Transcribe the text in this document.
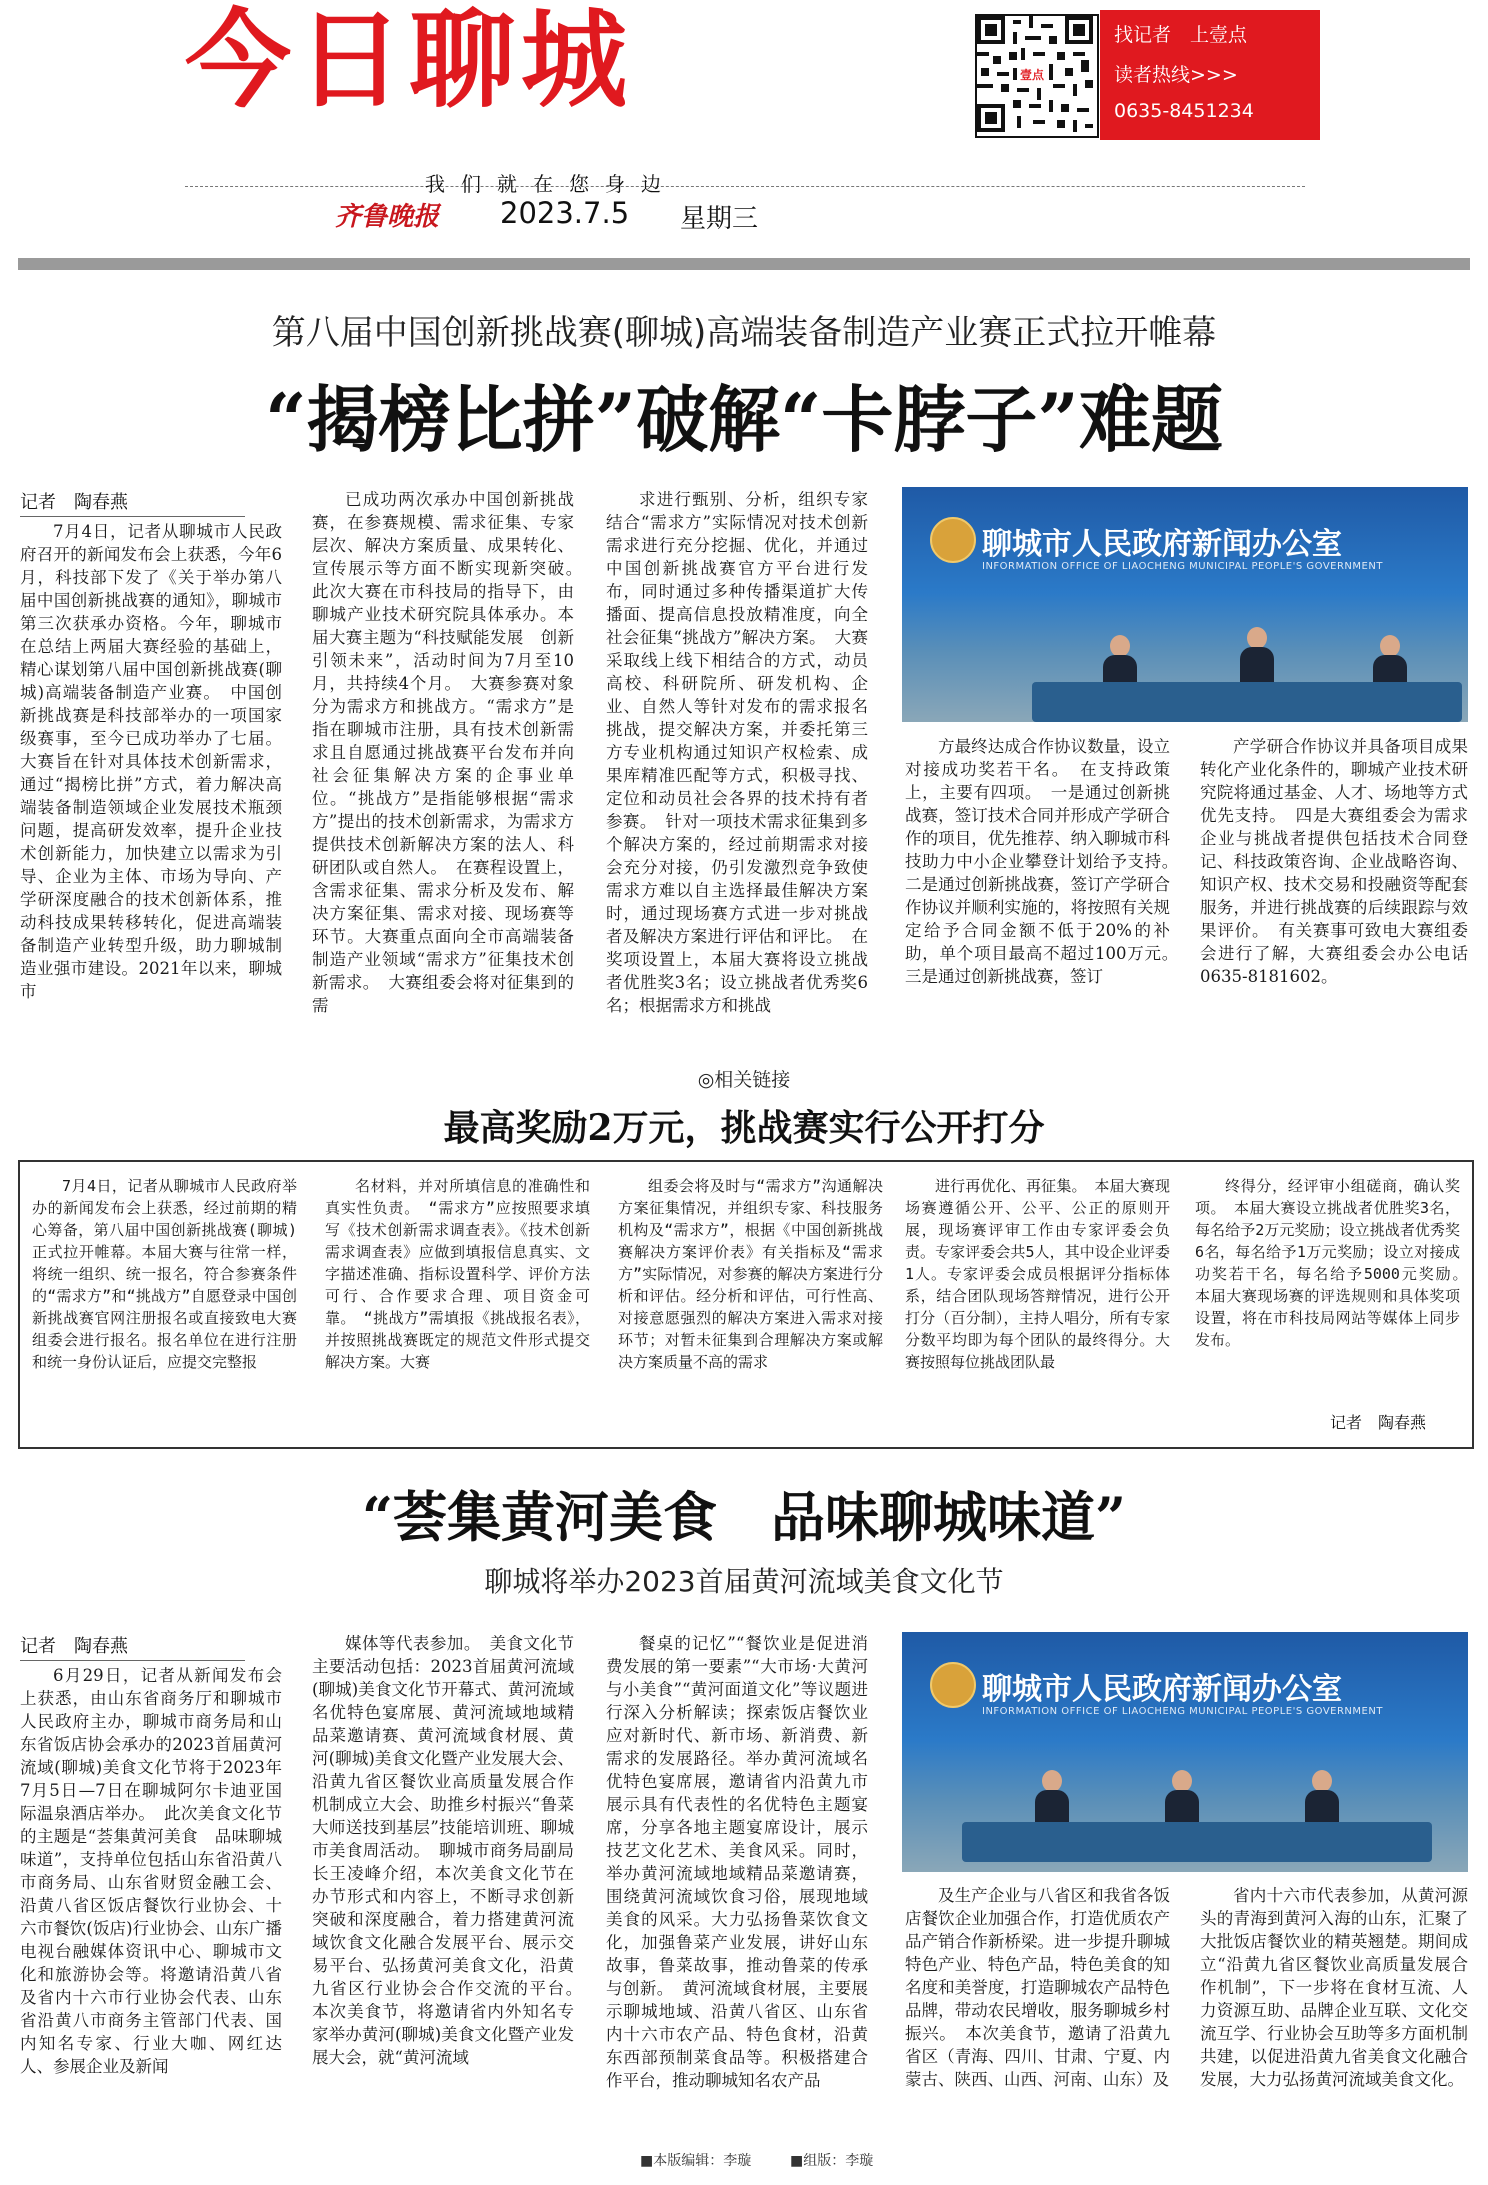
今日聊城	壹点
找记者　上壹点
读者热线>>>
0635-8451234
我们就在您身边
齐鲁晚报 2023.7.5 星期三
第八届中国创新挑战赛(聊城)高端装备制造产业赛正式拉开帷幕
“揭榜比拼”破解“卡脖子”难题
记者　陶春燕

7月4日，记者从聊城市人民政府召开的新闻发布会上获悉，今年6月，科技部下发了《关于举办第八届中国创新挑战赛的通知》，聊城市第三次获承办资格。今年，聊城市在总结上两届大赛经验的基础上，精心谋划第八届中国创新挑战赛(聊城)高端装备制造产业赛。　中国创新挑战赛是科技部举办的一项国家级赛事，至今已成功举办了七届。大赛旨在针对具体技术创新需求，通过“揭榜比拼”方式，着力解决高端装备制造领域企业发展技术瓶颈问题，提高研发效率，提升企业技术创新能力，加快建立以需求为引导、企业为主体、市场为导向、产学研深度融合的技术创新体系，推动科技成果转移转化，促进高端装备制造产业转型升级，助力聊城制造业强市建设。2021年以来，聊城市

已成功两次承办中国创新挑战赛，在参赛规模、需求征集、专家层次、解决方案质量、成果转化、宣传展示等方面不断实现新突破。　此次大赛在市科技局的指导下，由聊城产业技术研究院具体承办。本届大赛主题为“科技赋能发展　创新引领未来”，活动时间为7月至10月，共持续4个月。　大赛参赛对象分为需求方和挑战方。“需求方”是指在聊城市注册，具有技术创新需求且自愿通过挑战赛平台发布并向社会征集解决方案的企事业单位。“挑战方”是指能够根据“需求方”提出的技术创新需求，为需求方提供技术创新解决方案的法人、科研团队或自然人。　在赛程设置上，含需求征集、需求分析及发布、解决方案征集、需求对接、现场赛等环节。大赛重点面向全市高端装备制造产业领域“需求方”征集技术创新需求。　大赛组委会将对征集到的需

求进行甄别、分析，组织专家结合“需求方”实际情况对技术创新需求进行充分挖掘、优化，并通过中国创新挑战赛官方平台进行发布，同时通过多种传播渠道扩大传播面、提高信息投放精准度，向全社会征集“挑战方”解决方案。　大赛采取线上线下相结合的方式，动员高校、科研院所、研发机构、企业、自然人等针对发布的需求报名挑战，提交解决方案，并委托第三方专业机构通过知识产权检索、成果库精准匹配等方式，积极寻找、定位和动员社会各界的技术持有者参赛。　针对一项技术需求征集到多个解决方案的，经过前期需求对接会充分对接，仍引发激烈竞争致使需求方难以自主选择最佳解决方案时，通过现场赛方式进一步对挑战者及解决方案进行评估和评比。　在奖项设置上，本届大赛将设立挑战者优胜奖3名；设立挑战者优秀奖6名；根据需求方和挑战

聊城市人民政府新闻办公室
INFORMATION OFFICE OF LIAOCHENG MUNICIPAL PEOPLE'S GOVERNMENT

方最终达成合作协议数量，设立对接成功奖若干名。　在支持政策上，主要有四项。　一是通过创新挑战赛，签订技术合同并形成产学研合作的项目，优先推荐、纳入聊城市科技助力中小企业攀登计划给予支持。　二是通过创新挑战赛，签订产学研合作协议并顺利实施的，将按照有关规定给予合同金额不低于20%的补助，单个项目最高不超过100万元。　三是通过创新挑战赛，签订

产学研合作协议并具备项目成果转化产业化条件的，聊城产业技术研究院将通过基金、人才、场地等方式优先支持。　四是大赛组委会为需求企业与挑战者提供包括技术合同登记、科技政策咨询、企业战略咨询、知识产权、技术交易和投融资等配套服务，并进行挑战赛的后续跟踪与效果评价。　有关赛事可致电大赛组委会进行了解，大赛组委会办公电话0635-8181602。

◎相关链接
最高奖励2万元，挑战赛实行公开打分

7月4日，记者从聊城市人民政府举办的新闻发布会上获悉，经过前期的精心筹备，第八届中国创新挑战赛(聊城)正式拉开帷幕。本届大赛与往常一样，将统一组织、统一报名，符合参赛条件的“需求方”和“挑战方”自愿登录中国创新挑战赛官网注册报名或直接致电大赛组委会进行报名。报名单位在进行注册和统一身份认证后，应提交完整报

名材料，并对所填信息的准确性和真实性负责。　“需求方”应按照要求填写《技术创新需求调查表》。《技术创新需求调查表》应做到填报信息真实、文字描述准确、指标设置科学、评价方法可行、合作要求合理、项目资金可靠。　“挑战方”需填报《挑战报名表》，并按照挑战赛既定的规范文件形式提交解决方案。大赛

组委会将及时与“需求方”沟通解决方案征集情况，并组织专家、科技服务机构及“需求方”，根据《中国创新挑战赛解决方案评价表》有关指标及“需求方”实际情况，对参赛的解决方案进行分析和评估。经分析和评估，可行性高、对接意愿强烈的解决方案进入需求对接环节；对暂未征集到合理解决方案或解决方案质量不高的需求

进行再优化、再征集。　本届大赛现场赛遵循公开、公平、公正的原则开展，现场赛评审工作由专家评委会负责。专家评委会共5人，其中设企业评委1人。专家评委会成员根据评分指标体系，结合团队现场答辩情况，进行公开打分（百分制），主持人唱分，所有专家分数平均即为每个团队的最终得分。大赛按照每位挑战团队最

终得分，经评审小组磋商，确认奖项。　本届大赛设立挑战者优胜奖3名，每名给予2万元奖励；设立挑战者优秀奖6名，每名给予1万元奖励；设立对接成功奖若干名，每名给予5000元奖励。　本届大赛现场赛的评选规则和具体奖项设置，将在市科技局网站等媒体上同步发布。

记者　陶春燕
“荟集黄河美食　品味聊城味道”
聊城将举办2023首届黄河流域美食文化节
记者　陶春燕

6月29日，记者从新闻发布会上获悉，由山东省商务厅和聊城市人民政府主办，聊城市商务局和山东省饭店协会承办的2023首届黄河流域(聊城)美食文化节将于2023年7月5日—7日在聊城阿尔卡迪亚国际温泉酒店举办。　此次美食文化节的主题是“荟集黄河美食　品味聊城味道”，支持单位包括山东省沿黄八市商务局、山东省财贸金融工会、沿黄八省区饭店餐饮行业协会、十六市餐饮(饭店)行业协会、山东广播电视台融媒体资讯中心、聊城市文化和旅游协会等。将邀请沿黄八省及省内十六市行业协会代表、山东省沿黄八市商务主管部门代表、国内知名专家、行业大咖、网红达人、参展企业及新闻

媒体等代表参加。　美食文化节主要活动包括：2023首届黄河流域(聊城)美食文化节开幕式、黄河流域名优特色宴席展、黄河流域地域精品菜邀请赛、黄河流域食材展、黄河(聊城)美食文化暨产业发展大会、沿黄九省区餐饮业高质量发展合作机制成立大会、助推乡村振兴“鲁菜大师送技到基层”技能培训班、聊城市美食周活动。　聊城市商务局副局长王凌峰介绍，本次美食文化节在办节形式和内容上，不断寻求创新突破和深度融合，着力搭建黄河流域饮食文化融合发展平台、展示交易平台、弘扬黄河美食文化，沿黄九省区行业协会合作交流的平台。　本次美食节，将邀请省内外知名专家举办黄河(聊城)美食文化暨产业发展大会，就“黄河流域

餐桌的记忆”“餐饮业是促进消费发展的第一要素”“大市场·大黄河与小美食”“黄河面道文化”等议题进行深入分析解读；探索饭店餐饮业应对新时代、新市场、新消费、新需求的发展路径。举办黄河流域名优特色宴席展，邀请省内沿黄九市展示具有代表性的名优特色主题宴席，分享各地主题宴席设计，展示技艺文化艺术、美食风采。同时，举办黄河流域地域精品菜邀请赛，围绕黄河流域饮食习俗，展现地域美食的风采。大力弘扬鲁菜饮食文化，加强鲁菜产业发展，讲好山东故事，鲁菜故事，推动鲁菜的传承与创新。　黄河流域食材展，主要展示聊城地域、沿黄八省区、山东省内十六市农产品、特色食材，沿黄东西部预制菜食品等。积极搭建合作平台，推动聊城知名农产品

聊城市人民政府新闻办公室
INFORMATION OFFICE OF LIAOCHENG MUNICIPAL PEOPLE'S GOVERNMENT

及生产企业与八省区和我省各饭店餐饮企业加强合作，打造优质农产品产销合作新桥梁。进一步提升聊城特色产业、特色产品，特色美食的知名度和美誉度，打造聊城农产品特色品牌，带动农民增收，服务聊城乡村振兴。　本次美食节，邀请了沿黄九省区（青海、四川、甘肃、宁夏、内蒙古、陕西、山西、河南、山东）及

省内十六市代表参加，从黄河源头的青海到黄河入海的山东，汇聚了大批饭店餐饮业的精英翘楚。期间成立“沿黄九省区餐饮业高质量发展合作机制”，下一步将在食材互流、人力资源互助、品牌企业互联、文化交流互学、行业协会互助等多方面机制共建，以促进沿黄九省美食文化融合发展，大力弘扬黄河流域美食文化。

■本版编辑：李璇	■组版：李璇
